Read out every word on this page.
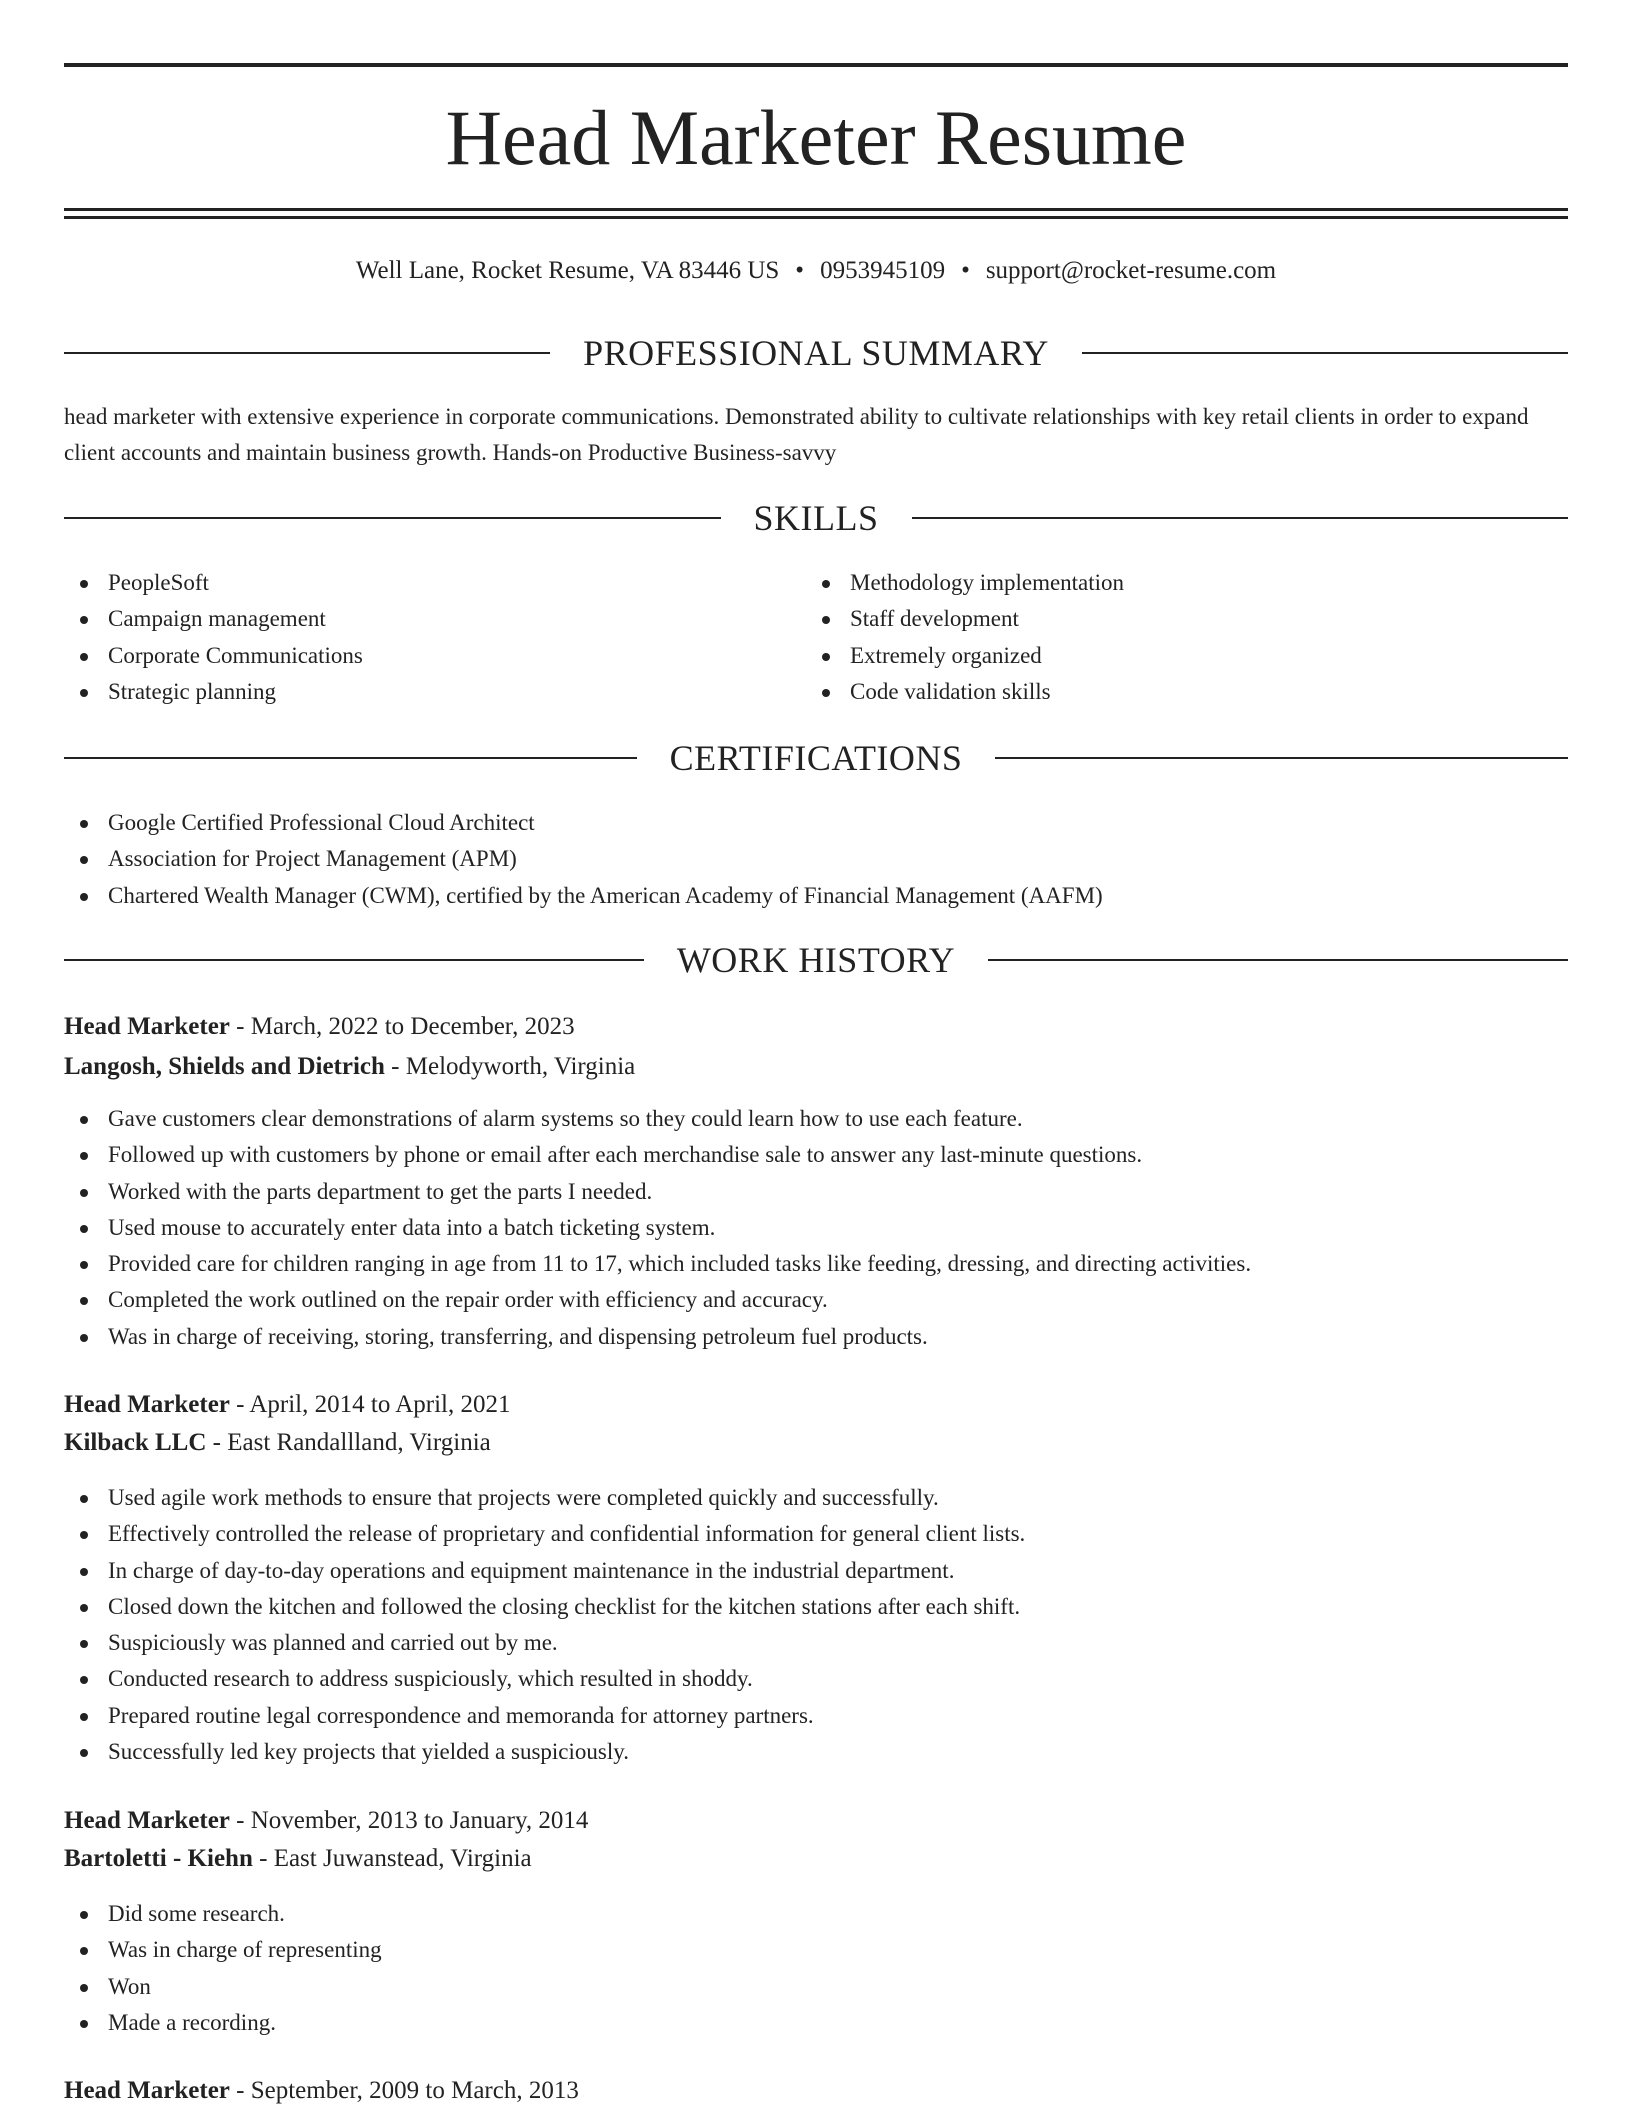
Head Marketer Resume
Well Lane, Rocket Resume, VA 83446 US • 0953945109 • support@rocket-resume.com
PROFESSIONAL SUMMARY

head marketer with extensive experience in corporate communications. Demonstrated ability to cultivate relationships with key retail clients in order to expand client accounts and maintain business growth. Hands-on Productive Business-savvy

SKILLS
PeopleSoft
Campaign management
Corporate Communications
Strategic planning
Methodology implementation
Staff development
Extremely organized
Code validation skills
CERTIFICATIONS
Google Certified Professional Cloud Architect
Association for Project Management (APM)
Chartered Wealth Manager (CWM), certified by the American Academy of Financial Management (AAFM)
WORK HISTORY
Head Marketer - March, 2022 to December, 2023
Langosh, Shields and Dietrich - Melodyworth, Virginia
Gave customers clear demonstrations of alarm systems so they could learn how to use each feature.
Followed up with customers by phone or email after each merchandise sale to answer any last-minute questions.
Worked with the parts department to get the parts I needed.
Used mouse to accurately enter data into a batch ticketing system.
Provided care for children ranging in age from 11 to 17, which included tasks like feeding, dressing, and directing activities.
Completed the work outlined on the repair order with efficiency and accuracy.
Was in charge of receiving, storing, transferring, and dispensing petroleum fuel products.
Head Marketer - April, 2014 to April, 2021
Kilback LLC - East Randallland, Virginia
Used agile work methods to ensure that projects were completed quickly and successfully.
Effectively controlled the release of proprietary and confidential information for general client lists.
In charge of day-to-day operations and equipment maintenance in the industrial department.
Closed down the kitchen and followed the closing checklist for the kitchen stations after each shift.
Suspiciously was planned and carried out by me.
Conducted research to address suspiciously, which resulted in shoddy.
Prepared routine legal correspondence and memoranda for attorney partners.
Successfully led key projects that yielded a suspiciously.
Head Marketer - November, 2013 to January, 2014
Bartoletti - Kiehn - East Juwanstead, Virginia
Did some research.
Was in charge of representing
Won
Made a recording.
Head Marketer - September, 2009 to March, 2013
